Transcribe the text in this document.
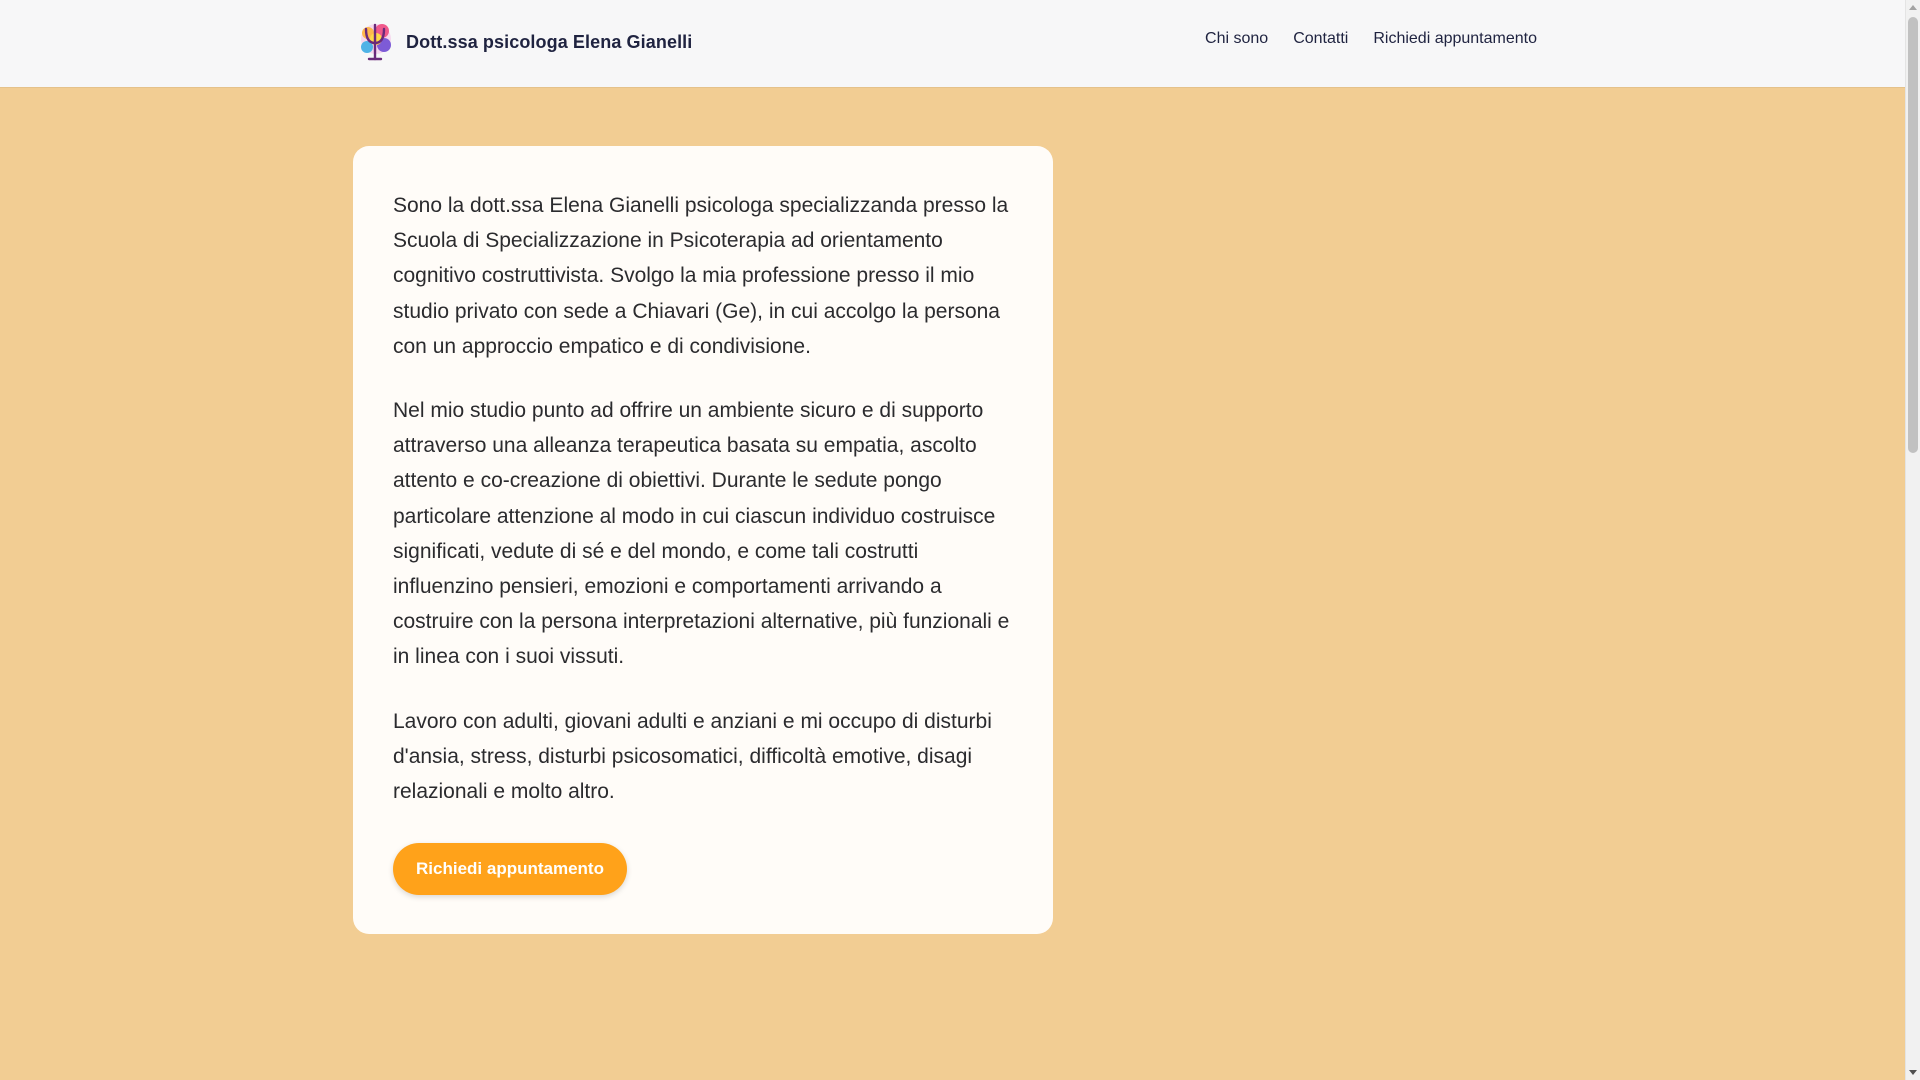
Dott.ssa psicologa Elena Gianelli	Chi sono Contatti Richiedi appuntamento

Sono la dott.ssa Elena Gianelli psicologa specializzanda presso la Scuola di Specializzazione in Psicoterapia ad orientamento cognitivo costruttivista. Svolgo la mia professione presso il mio studio privato con sede a Chiavari (Ge), in cui accolgo la persona con un approccio empatico e di condivisione.

Nel mio studio punto ad offrire un ambiente sicuro e di supporto attraverso una alleanza terapeutica basata su empatia, ascolto attento e co-creazione di obiettivi. Durante le sedute pongo particolare attenzione al modo in cui ciascun individuo costruisce significati, vedute di sé e del mondo, e come tali costrutti influenzino pensieri, emozioni e comportamenti arrivando a costruire con la persona interpretazioni alternative, più funzionali e in linea con i suoi vissuti.

Lavoro con adulti, giovani adulti e anziani e mi occupo di disturbi d'ansia, stress, disturbi psicosomatici, difficoltà emotive, disagi relazionali e molto altro.

Richiedi appuntamento
